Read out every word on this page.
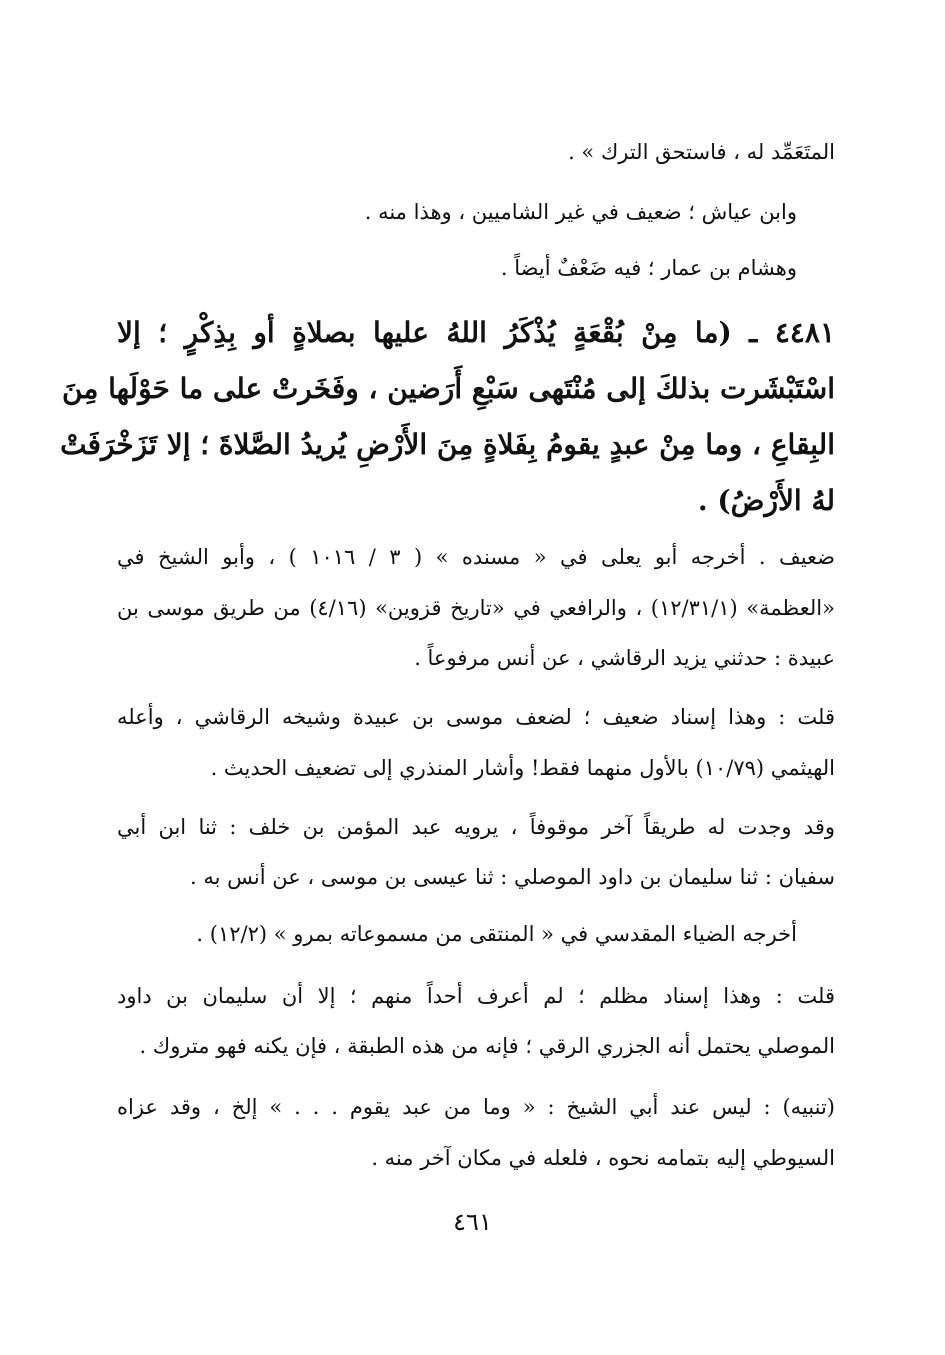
المتَعَمِّد له ، فاستحق الترك » .
وابن عياش ؛ ضعيف في غير الشاميين ، وهذا منه .
وهشام بن عمار ؛ فيه ضَعْفٌ أيضاً .
٤٤٨١ ـ (ما مِنْ بُقْعَةٍ يُذْكَرُ اللهُ عليها بصلاةٍ أو بِذِكْرٍ ؛ إلا
اسْتَبْشَرت بذلكَ إلى مُنْتَهى سَبْعِ أَرَضين ، وفَخَرتْ على ما حَوْلَها مِنَ
البِقاعِ ، وما مِنْ عبدٍ يقومُ بِفَلاةٍ مِنَ الأَرْضِ يُريدُ الصَّلاةَ ؛ إلا تَزَخْرَفَتْ
لهُ الأَرْضُ) .
ضعيف . أخرجه أبو يعلى في « مسنده » ( ٣ / ١٠١٦ ) ، وأبو الشيخ في
«العظمة» (١٢/٣١/١) ، والرافعي في «تاريخ قزوين» (٤/١٦) من طريق موسى بن
عبيدة : حدثني يزيد الرقاشي ، عن أنس مرفوعاً .
قلت : وهذا إسناد ضعيف ؛ لضعف موسى بن عبيدة وشيخه الرقاشي ، وأعله
الهيثمي (١٠/٧٩) بالأول منهما فقط! وأشار المنذري إلى تضعيف الحديث .
وقد وجدت له طريقاً آخر موقوفاً ، يرويه عبد المؤمن بن خلف : ثنا ابن أبي
سفيان : ثنا سليمان بن داود الموصلي : ثنا عيسى بن موسى ، عن أنس به .
أخرجه الضياء المقدسي في « المنتقى من مسموعاته بمرو » (١٢/٢) .
قلت : وهذا إسناد مظلم ؛ لم أعرف أحداً منهم ؛ إلا أن سليمان بن داود
الموصلي يحتمل أنه الجزري الرقي ؛ فإنه من هذه الطبقة ، فإن يكنه فهو متروك .
(تنبيه) : ليس عند أبي الشيخ : « وما من عبد يقوم . . . » إلخ ، وقد عزاه
السيوطي إليه بتمامه نحوه ، فلعله في مكان آخر منه .
٤٦١
